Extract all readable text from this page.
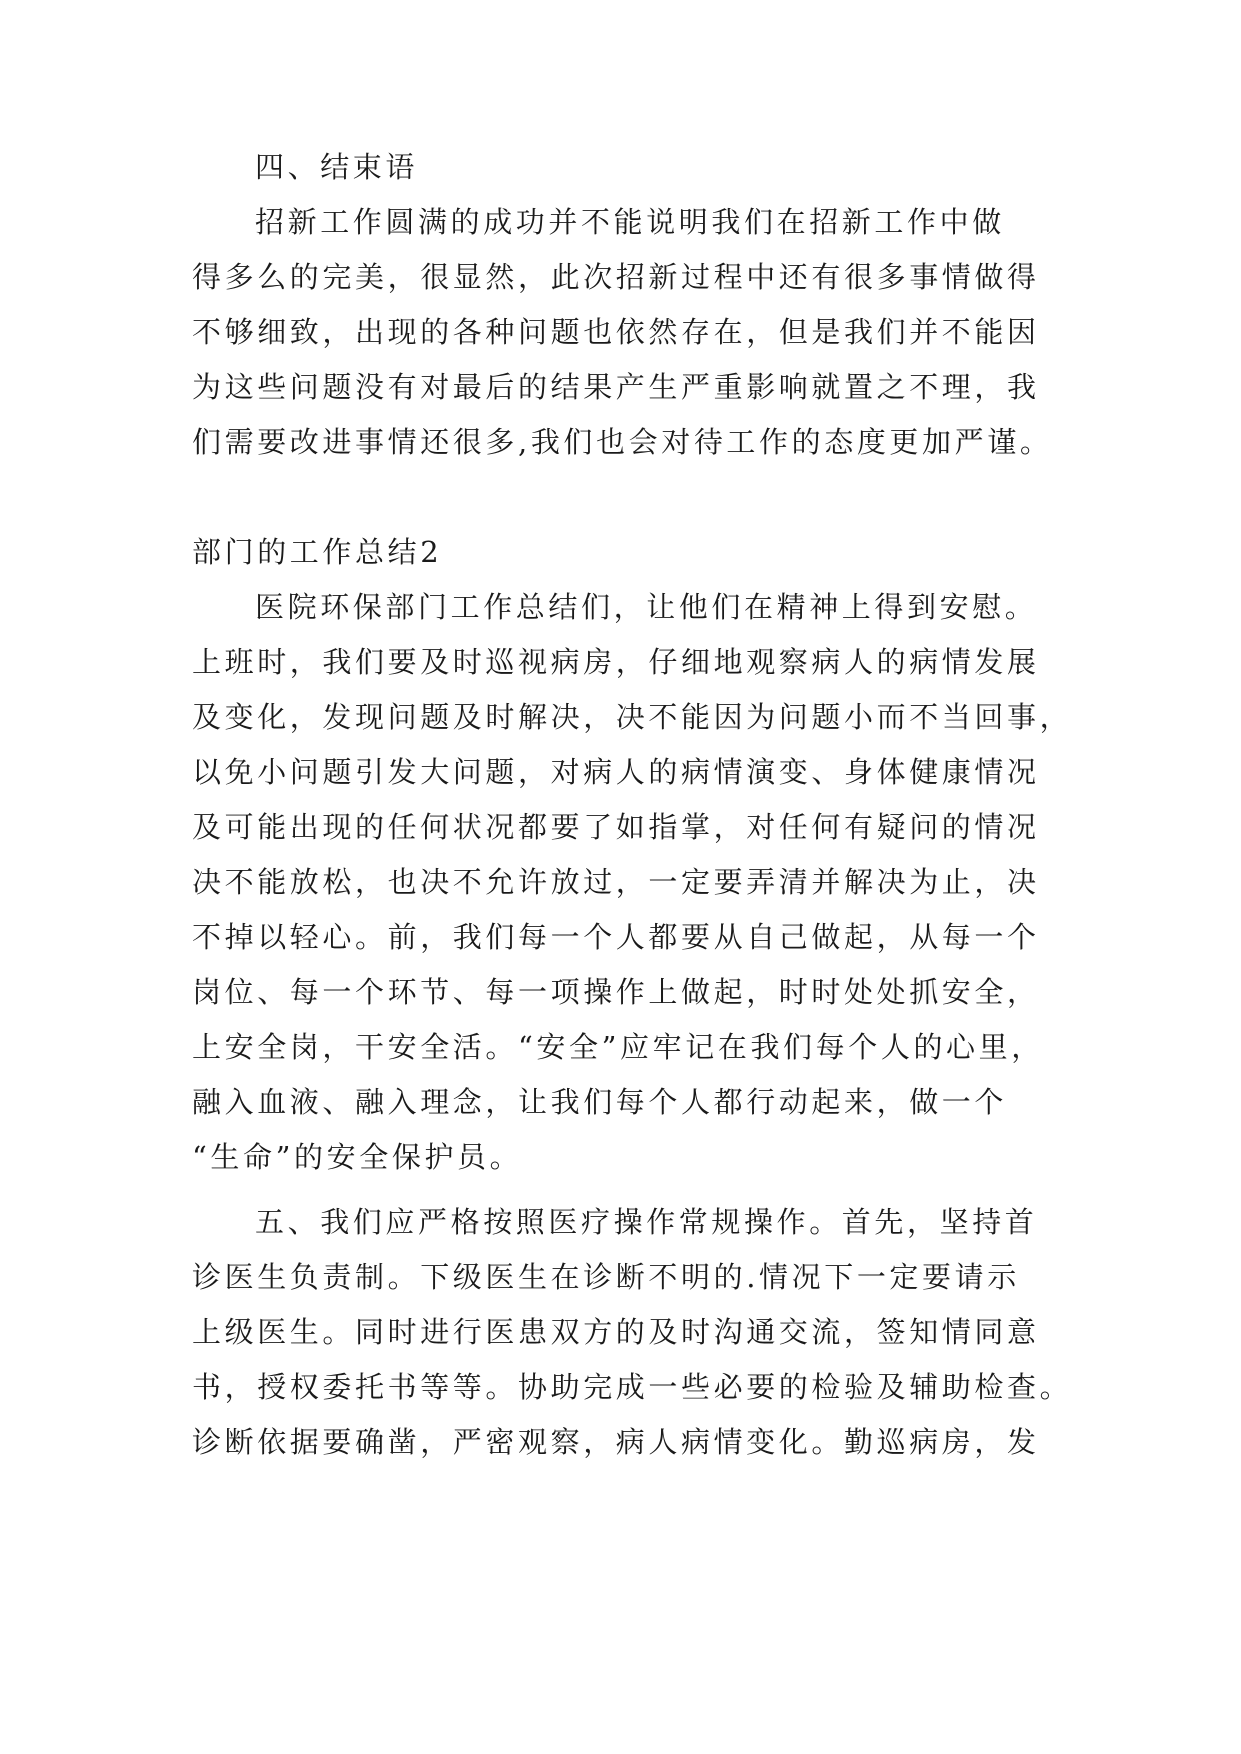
四、结束语
招新工作圆满的成功并不能说明我们在招新工作中做
得多么的完美，很显然，此次招新过程中还有很多事情做得
不够细致，出现的各种问题也依然存在，但是我们并不能因
为这些问题没有对最后的结果产生严重影响就置之不理，我
们需要改进事情还很多,我们也会对待工作的态度更加严谨。
部门的工作总结2
医院环保部门工作总结们，让他们在精神上得到安慰。
上班时，我们要及时巡视病房，仔细地观察病人的病情发展
及变化，发现问题及时解决，决不能因为问题小而不当回事，
以免小问题引发大问题，对病人的病情演变、身体健康情况
及可能出现的任何状况都要了如指掌，对任何有疑问的情况
决不能放松，也决不允许放过，一定要弄清并解决为止，决
不掉以轻心。前，我们每一个人都要从自己做起，从每一个
岗位、每一个环节、每一项操作上做起，时时处处抓安全，
上安全岗，干安全活。“安全”应牢记在我们每个人的心里，
融入血液、融入理念，让我们每个人都行动起来，做一个
“生命”的安全保护员。
五、我们应严格按照医疗操作常规操作。首先，坚持首
诊医生负责制。下级医生在诊断不明的.情况下一定要请示
上级医生。同时进行医患双方的及时沟通交流，签知情同意
书，授权委托书等等。协助完成一些必要的检验及辅助检查。
诊断依据要确凿，严密观察，病人病情变化。勤巡病房，发
